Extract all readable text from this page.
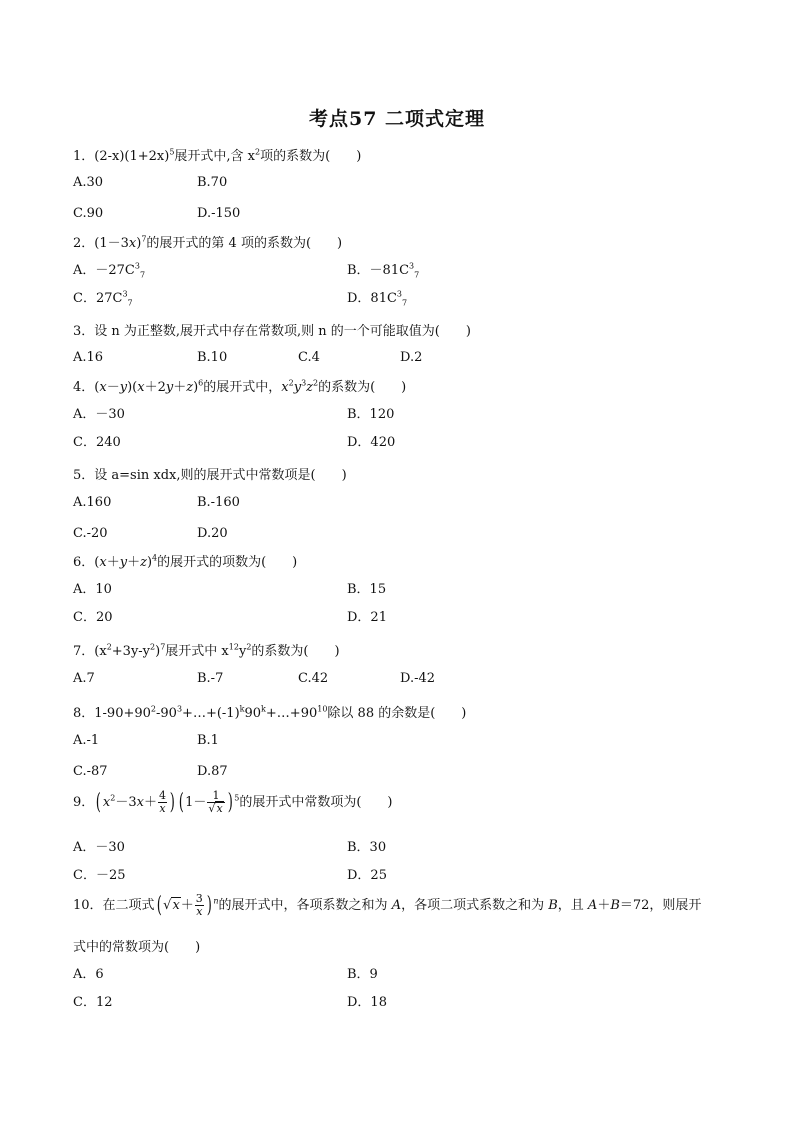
考点57 二项式定理
1．$(2-x)(1+2x)^5$展开式中,含 $x^2$项的系数为(　　)
A.30	B.70
C.90	D.-150
2．$(1-3x)^7$的展开式的第 4 项的系数为(　　)
A．$-27C^3_7$	B．$-81C^3_7$
C．$27C^3_7$	D．$81C^3_7$
3．设 n 为正整数,展开式中存在常数项,则 n 的一个可能取值为(　　)
A.16	B.10	C.4	D.2
4．$(x-y)(x+2y+z)^6$的展开式中，$x^2y^3z^2$的系数为(　　)
A．－30	B．120
C．240	D．420
5．设 a=sin xdx,则的展开式中常数项是(　　)
A.160	B.-160
C.-20	D.20
6．$(x+y+z)^4$的展开式的项数为(　　)
A．10	B．15
C．20	D．21
7．$(x^2+3y-y^2)^7$展开式中 $x^{12}y^2$的系数为(　　)
A.7	B.-7	C.42	D.-42
8．$1-90+90^2-90^3+\dots+(-1)^k90^k+\dots+90^{10}$除以 88 的余数是(　　)
A.-1	B.1
C.-87	D.87
9．( $x^2-3x+ \frac{4}{x}$ ) ( $1- \frac{1}{√x}$ ) $^5$的展开式中常数项为(　　)
A．－30	B．30
C．－25	D．25
10．在二项式( $√x+ \frac{3}{x}$ ) $^n$的展开式中，各项系数之和为 A，各项二项式系数之和为 B，且 A＋B＝72，则展开
式中的常数项为(　　)
A．6	B．9
C．12	D．18
